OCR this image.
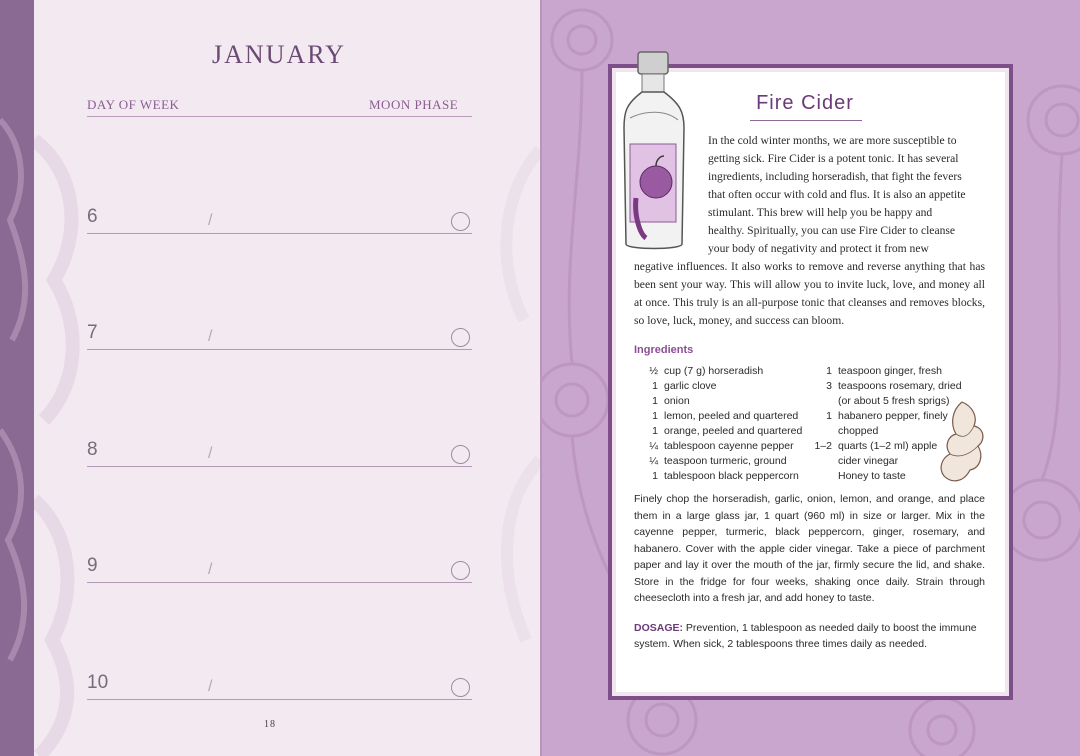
JANUARY
DAY OF WEEK	MOON PHASE
6	/
7	/
8	/
9	/
10	/
18
Fire Cider
In the cold winter months, we are more susceptible to
getting sick. Fire Cider is a potent tonic. It has several
ingredients, including horseradish, that fight the fevers
that often occur with cold and flus. It is also an appetite
stimulant. This brew will help you be happy and
healthy. Spiritually, you can use Fire Cider to cleanse
your body of negativity and protect it from new
negative influences. It also works to remove and reverse anything that has been sent your way. This will allow you to invite luck, love, and money all at once. This truly is an all-purpose tonic that cleanses and removes blocks, so love, luck, money, and success can bloom.
Ingredients
½ cup (7 g) horseradish
1 garlic clove
1 onion
1 lemon, peeled and quartered
1 orange, peeled and quartered
¼ tablespoon cayenne pepper
¼ teaspoon turmeric, ground
1 tablespoon black peppercorn
1 teaspoon ginger, fresh
3 teaspoons rosemary, dried
(or about 5 fresh sprigs)
1 habanero pepper, finely
chopped
1–2 quarts (1–2 ml) apple
cider vinegar
Honey to taste
Finely chop the horseradish, garlic, onion, lemon, and orange, and place them in a large glass jar, 1 quart (960 ml) in size or larger. Mix in the cayenne pepper, turmeric, black peppercorn, ginger, rosemary, and habanero. Cover with the apple cider vinegar. Take a piece of parchment paper and lay it over the mouth of the jar, firmly secure the lid, and shake. Store in the fridge for four weeks, shaking once daily. Strain through cheesecloth into a fresh jar, and add honey to taste.
DOSAGE: Prevention, 1 tablespoon as needed daily to boost the immune system. When sick, 2 tablespoons three times daily as needed.
